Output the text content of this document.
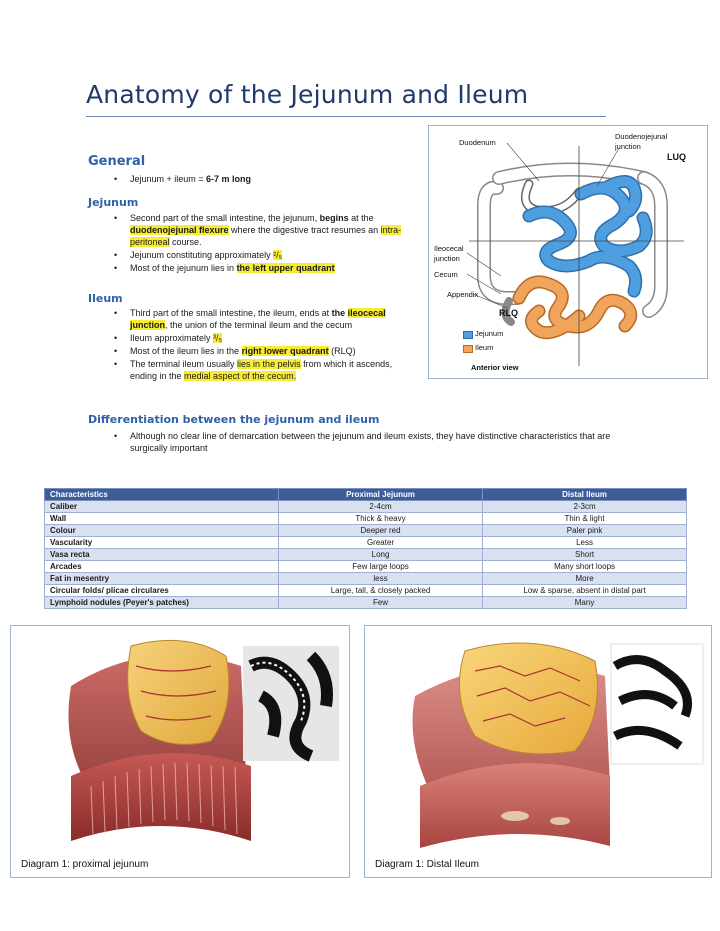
Anatomy of the Jejunum and Ileum
General
• Jejunum + ileum = 6-7 m long
Jejunum
• Second part of the small intestine, the jejunum, begins at the duodenojejunal flexure where the digestive tract resumes an intra-peritoneal course.
• Jejunum constituting approximately ²/₅
• Most of the jejunum lies in the left upper quadrant
Ileum
• Third part of the small intestine, the ileum, ends at the ileocecal junction, the union of the terminal ileum and the cecum
• Ileum approximately ³/₅
• Most of the ileum lies in the right lower quadrant (RLQ)
• The terminal ileum usually lies in the pelvis from which it ascends, ending in the medial aspect of the cecum.
Differentiation between the jejunum and ileum
• Although no clear line of demarcation between the jejunum and ileum exists, they have distinctive characteristics that are surgically important
Duodenum
Duodenojejunal
junction
LUQ
Ileocecal
junction
Cecum
Appendix
RLQ
Jejunum
Ileum
Anterior view
Characteristics	Proximal Jejunum	Distal Ileum
Caliber	2-4cm	2-3cm
Wall	Thick & heavy	Thin & light
Colour	Deeper red	Paler pink
Vascularity	Greater	Less
Vasa recta	Long	Short
Arcades	Few large loops	Many short loops
Fat in mesentry	less	More
Circular folds/ plicae circulares	Large, tall, & closely packed	Low & sparse, absent in distal part
Lymphoid nodules (Peyer's patches)	Few	Many
Diagram 1: proximal jejunum	Diagram 1: Distal Ileum
